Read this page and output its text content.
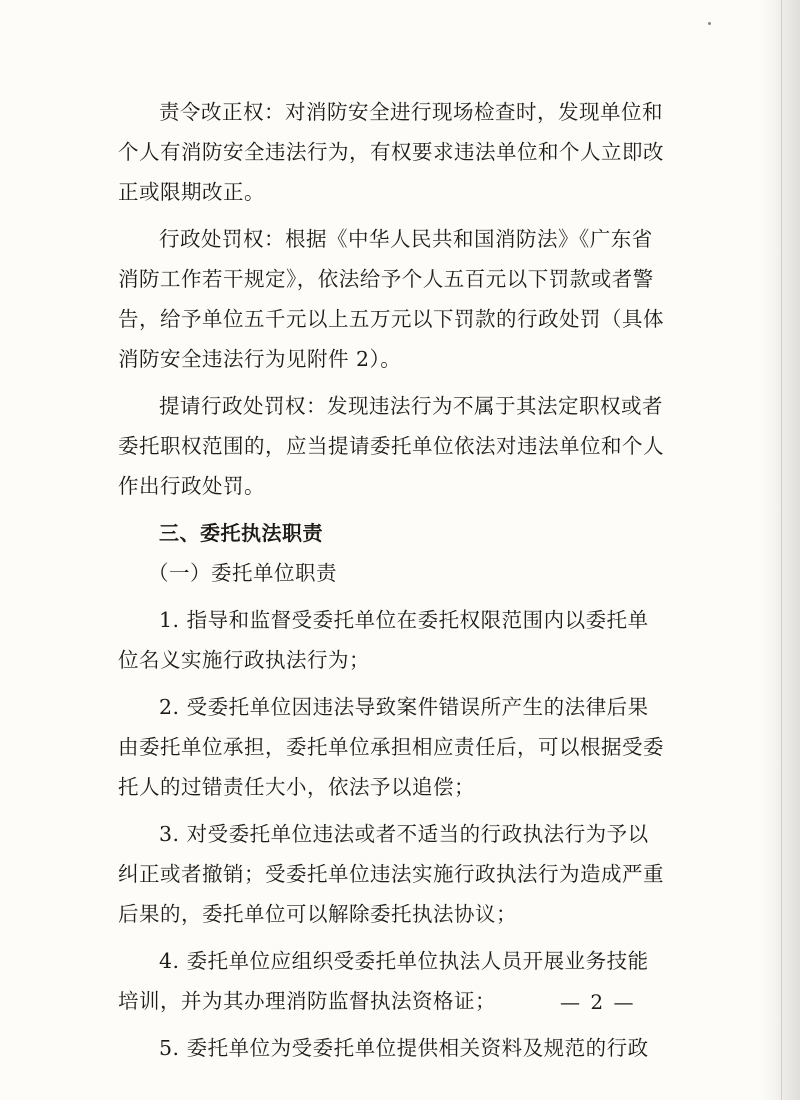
责令改正权：对消防安全进行现场检查时，发现单位和
个人有消防安全违法行为，有权要求违法单位和个人立即改
正或限期改正。
行政处罚权：根据《中华人民共和国消防法》《广东省
消防工作若干规定》，依法给予个人五百元以下罚款或者警
告，给予单位五千元以上五万元以下罚款的行政处罚（具体
消防安全违法行为见附件 2）。
提请行政处罚权：发现违法行为不属于其法定职权或者
委托职权范围的，应当提请委托单位依法对违法单位和个人
作出行政处罚。
三、委托执法职责
（一）委托单位职责
1. 指导和监督受委托单位在委托权限范围内以委托单
位名义实施行政执法行为；
2. 受委托单位因违法导致案件错误所产生的法律后果
由委托单位承担，委托单位承担相应责任后，可以根据受委
托人的过错责任大小，依法予以追偿；
3. 对受委托单位违法或者不适当的行政执法行为予以
纠正或者撤销；受委托单位违法实施行政执法行为造成严重
后果的，委托单位可以解除委托执法协议；
4. 委托单位应组织受委托单位执法人员开展业务技能
培训，并为其办理消防监督执法资格证；
5. 委托单位为受委托单位提供相关资料及规范的行政
— 2 —
